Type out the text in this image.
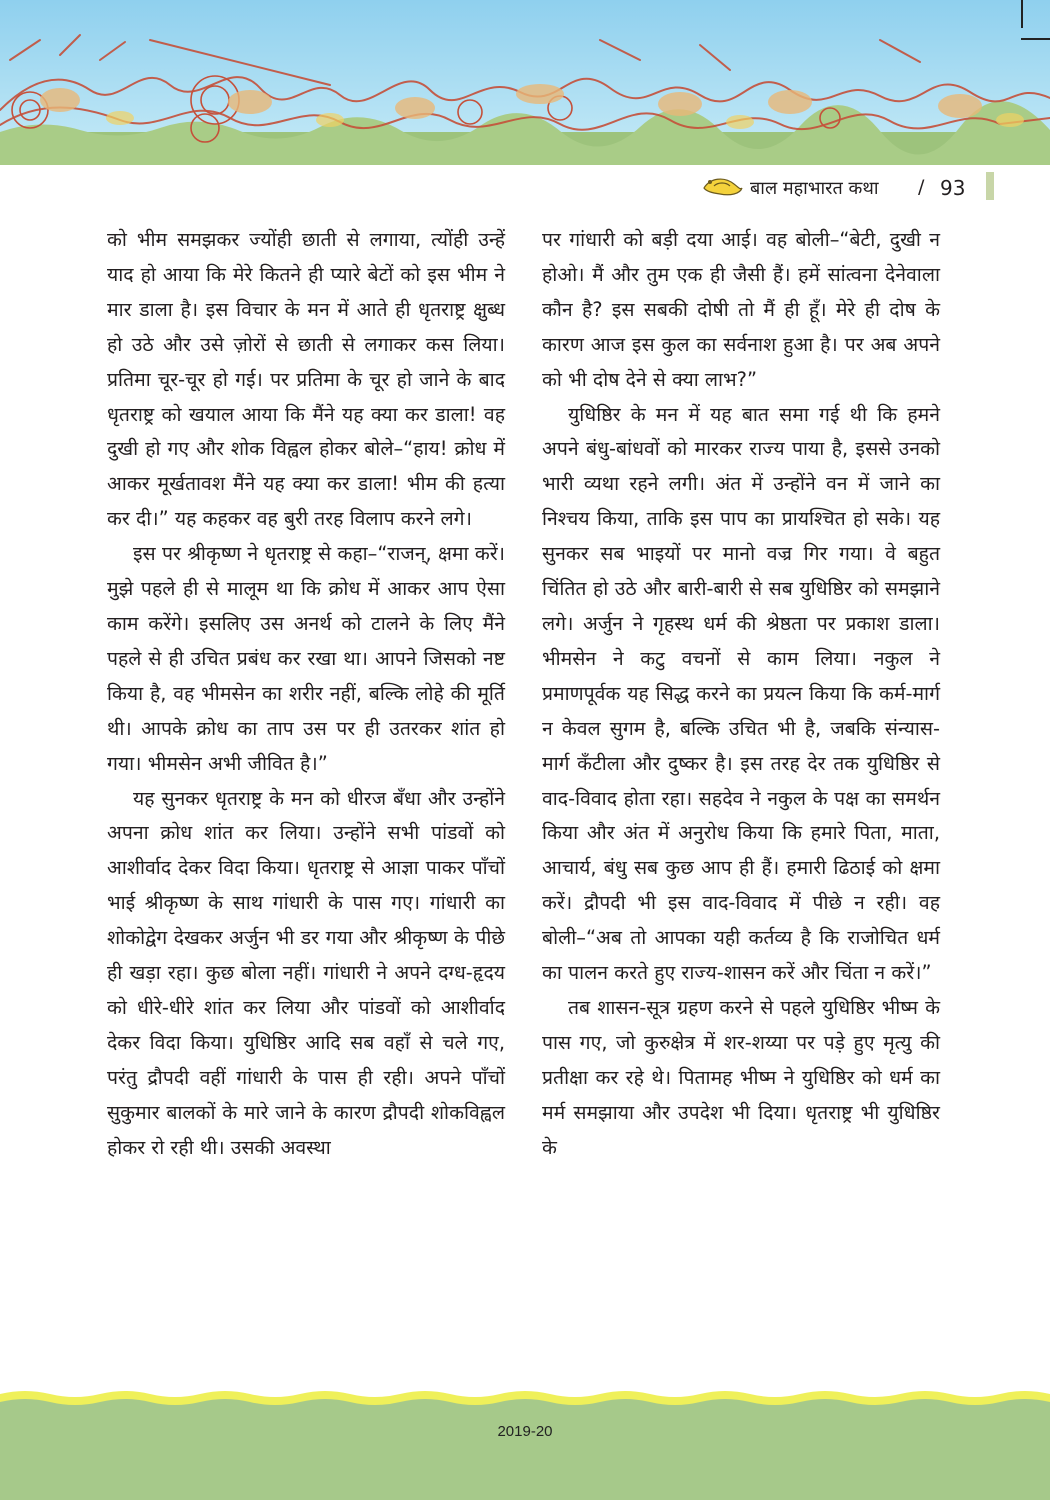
बाल महाभारत कथा / 93

को भीम समझकर ज्योंही छाती से लगाया, त्योंही उन्हें याद हो आया कि मेरे कितने ही प्यारे बेटों को इस भीम ने मार डाला है। इस विचार के मन में आते ही धृतराष्ट्र क्षुब्ध हो उठे और उसे ज़ोरों से छाती से लगाकर कस लिया। प्रतिमा चूर-चूर हो गई। पर प्रतिमा के चूर हो जाने के बाद धृतराष्ट्र को खयाल आया कि मैंने यह क्या कर डाला! वह दुखी हो गए और शोक विह्वल होकर बोले–“हाय! क्रोध में आकर मूर्खतावश मैंने यह क्या कर डाला! भीम की हत्या कर दी।” यह कहकर वह बुरी तरह विलाप करने लगे।

इस पर श्रीकृष्ण ने धृतराष्ट्र से कहा–“राजन्, क्षमा करें। मुझे पहले ही से मालूम था कि क्रोध में आकर आप ऐसा काम करेंगे। इसलिए उस अनर्थ को टालने के लिए मैंने पहले से ही उचित प्रबंध कर रखा था। आपने जिसको नष्ट किया है, वह भीमसेन का शरीर नहीं, बल्कि लोहे की मूर्ति थी। आपके क्रोध का ताप उस पर ही उतरकर शांत हो गया। भीमसेन अभी जीवित है।”

यह सुनकर धृतराष्ट्र के मन को धीरज बँधा और उन्होंने अपना क्रोध शांत कर लिया। उन्होंने सभी पांडवों को आशीर्वाद देकर विदा किया। धृतराष्ट्र से आज्ञा पाकर पाँचों भाई श्रीकृष्ण के साथ गांधारी के पास गए। गांधारी का शोकोद्वेग देखकर अर्जुन भी डर गया और श्रीकृष्ण के पीछे ही खड़ा रहा। कुछ बोला नहीं। गांधारी ने अपने दग्ध-हृदय को धीरे-धीरे शांत कर लिया और पांडवों को आशीर्वाद देकर विदा किया। युधिष्ठिर आदि सब वहाँ से चले गए, परंतु द्रौपदी वहीं गांधारी के पास ही रही। अपने पाँचों सुकुमार बालकों के मारे जाने के कारण द्रौपदी शोकविह्वल होकर रो रही थी। उसकी अवस्था

पर गांधारी को बड़ी दया आई। वह बोली–“बेटी, दुखी न होओ। मैं और तुम एक ही जैसी हैं। हमें सांत्वना देनेवाला कौन है? इस सबकी दोषी तो मैं ही हूँ। मेरे ही दोष के कारण आज इस कुल का सर्वनाश हुआ है। पर अब अपने को भी दोष देने से क्या लाभ?”

युधिष्ठिर के मन में यह बात समा गई थी कि हमने अपने बंधु-बांधवों को मारकर राज्य पाया है, इससे उनको भारी व्यथा रहने लगी। अंत में उन्होंने वन में जाने का निश्चय किया, ताकि इस पाप का प्रायश्चित हो सके। यह सुनकर सब भाइयों पर मानो वज्र गिर गया। वे बहुत चिंतित हो उठे और बारी-बारी से सब युधिष्ठिर को समझाने लगे। अर्जुन ने गृहस्थ धर्म की श्रेष्ठता पर प्रकाश डाला। भीमसेन ने कटु वचनों से काम लिया। नकुल ने प्रमाणपूर्वक यह सिद्ध करने का प्रयत्न किया कि कर्म-मार्ग न केवल सुगम है, बल्कि उचित भी है, जबकि संन्यास-मार्ग कँटीला और दुष्कर है। इस तरह देर तक युधिष्ठिर से वाद-विवाद होता रहा। सहदेव ने नकुल के पक्ष का समर्थन किया और अंत में अनुरोध किया कि हमारे पिता, माता, आचार्य, बंधु सब कुछ आप ही हैं। हमारी ढिठाई को क्षमा करें। द्रौपदी भी इस वाद-विवाद में पीछे न रही। वह बोली–“अब तो आपका यही कर्तव्य है कि राजोचित धर्म का पालन करते हुए राज्य-शासन करें और चिंता न करें।”

तब शासन-सूत्र ग्रहण करने से पहले युधिष्ठिर भीष्म के पास गए, जो कुरुक्षेत्र में शर-शय्या पर पड़े हुए मृत्यु की प्रतीक्षा कर रहे थे। पितामह भीष्म ने युधिष्ठिर को धर्म का मर्म समझाया और उपदेश भी दिया। धृतराष्ट्र भी युधिष्ठिर के

2019-20
